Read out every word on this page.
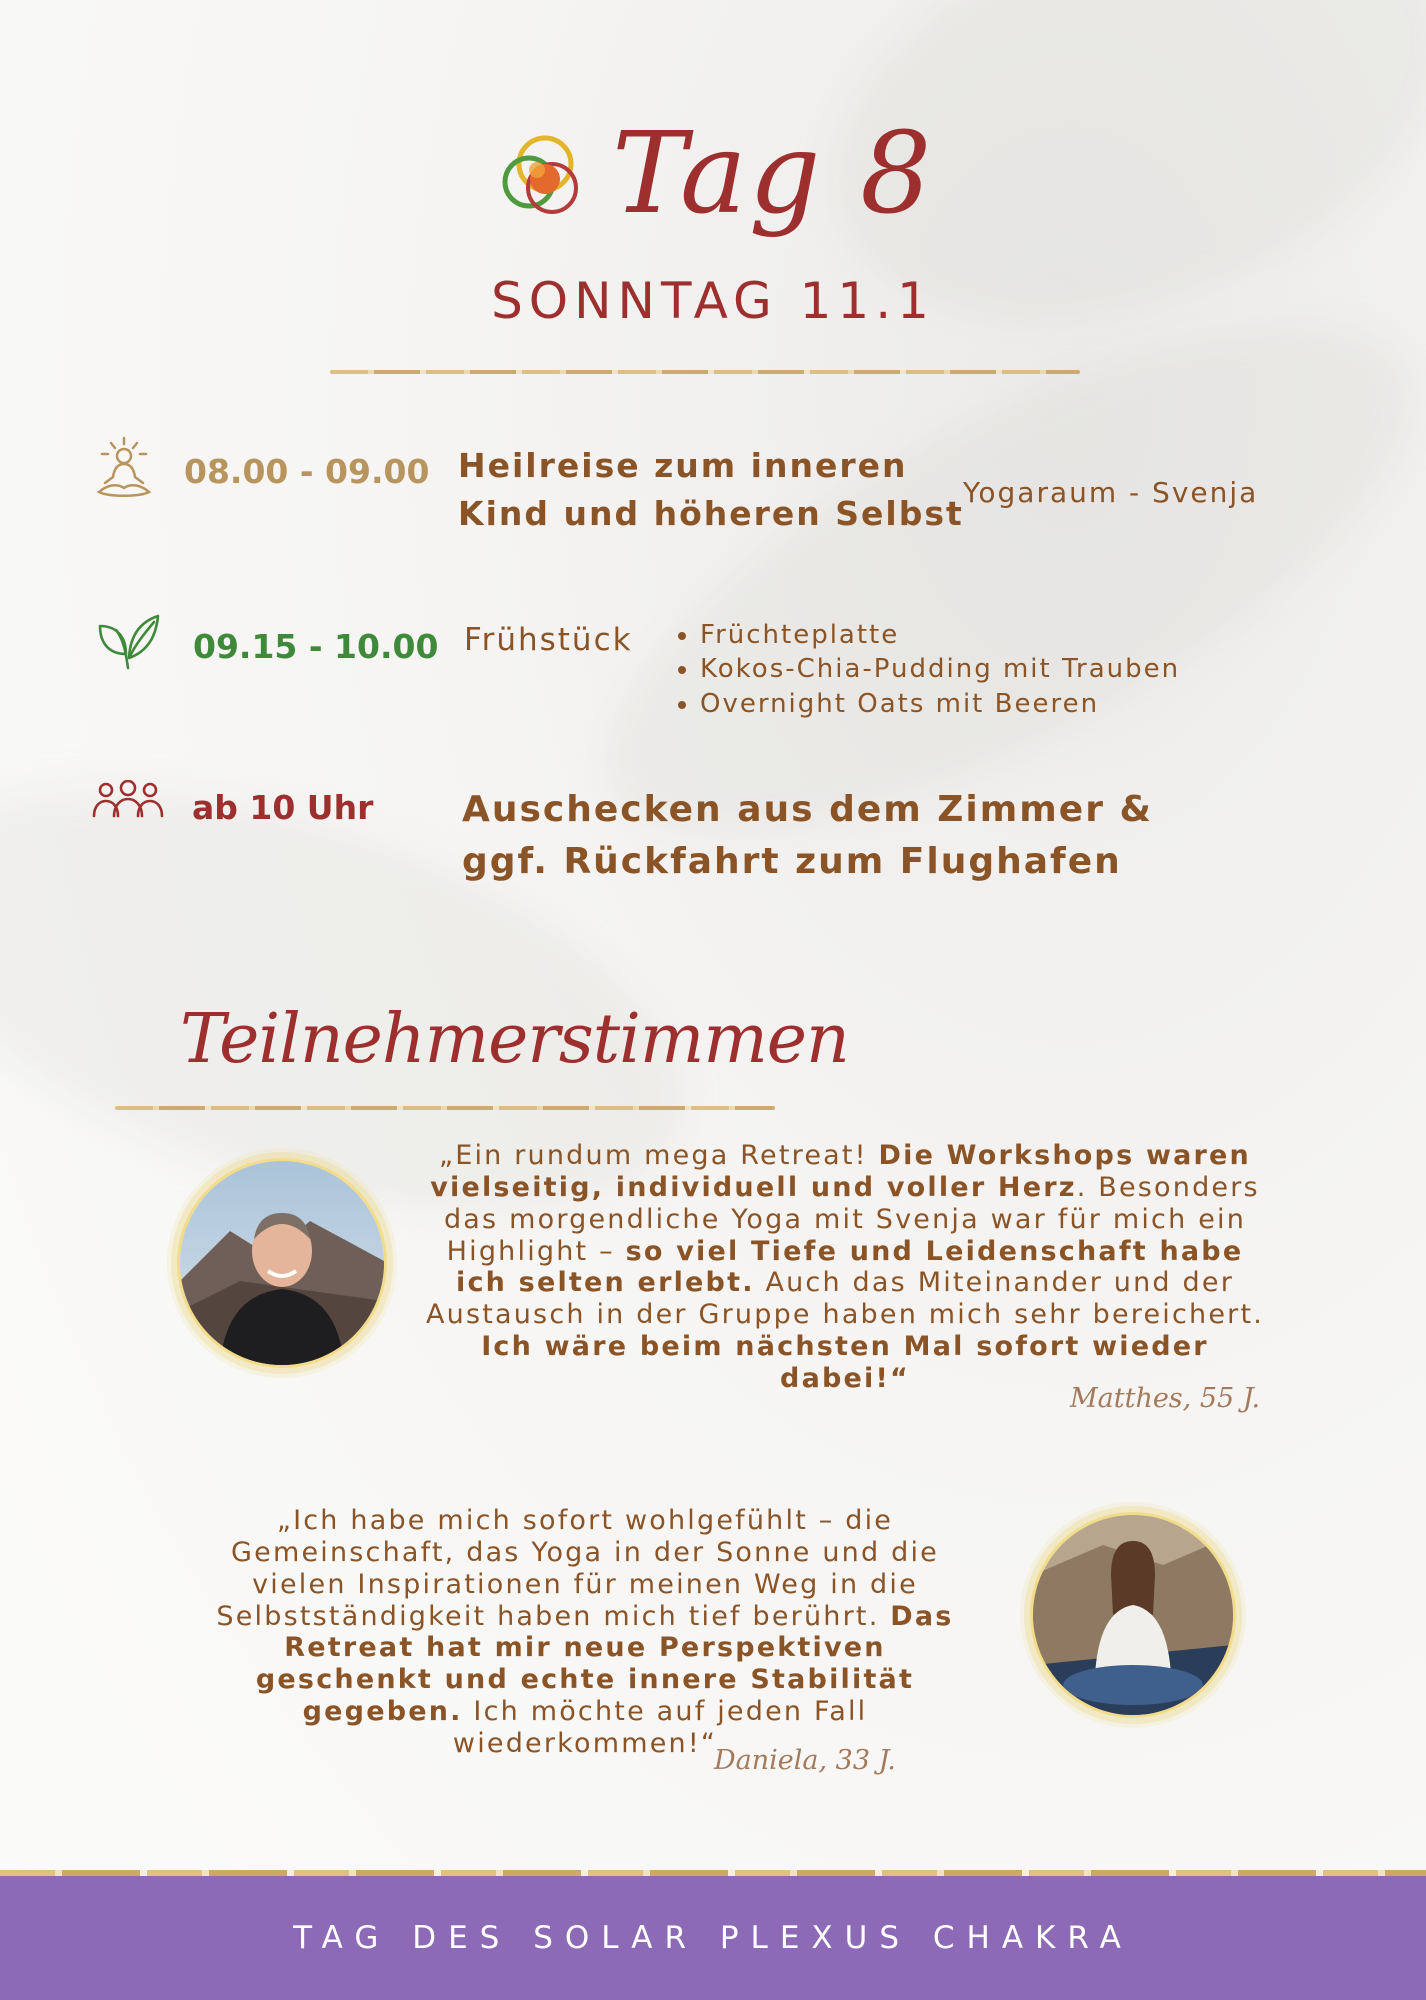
Tag 8
SONNTAG 11.1
08.00 - 09.00 Heilreise zum inneren
Kind und höheren Selbst
Yogaraum - Svenja
09.15 - 10.00 Frühstück
•	Früchteplatte
• Kokos-Chia-Pudding mit Trauben
• Overnight Oats mit Beeren
ab 10 Uhr Auschecken aus dem Zimmer &
ggf. Rückfahrt zum Flughafen
Teilnehmerstimmen
„Ein rundum mega Retreat! Die Workshops waren vielseitig, individuell und voller Herz. Besonders das morgendliche Yoga mit Svenja war für mich ein Highlight – so viel Tiefe und Leidenschaft habe ich selten erlebt. Auch das Miteinander und der Austausch in der Gruppe haben mich sehr bereichert. Ich wäre beim nächsten Mal sofort wieder dabei!“
Matthes, 55 J.
„Ich habe mich sofort wohlgefühlt – die Gemeinschaft, das Yoga in der Sonne und die vielen Inspirationen für meinen Weg in die Selbstständigkeit haben mich tief berührt. Das Retreat hat mir neue Perspektiven geschenkt und echte innere Stabilität gegeben. Ich möchte auf jeden Fall wiederkommen!“
Daniela, 33 J.
TAG DES SOLAR PLEXUS CHAKRA
